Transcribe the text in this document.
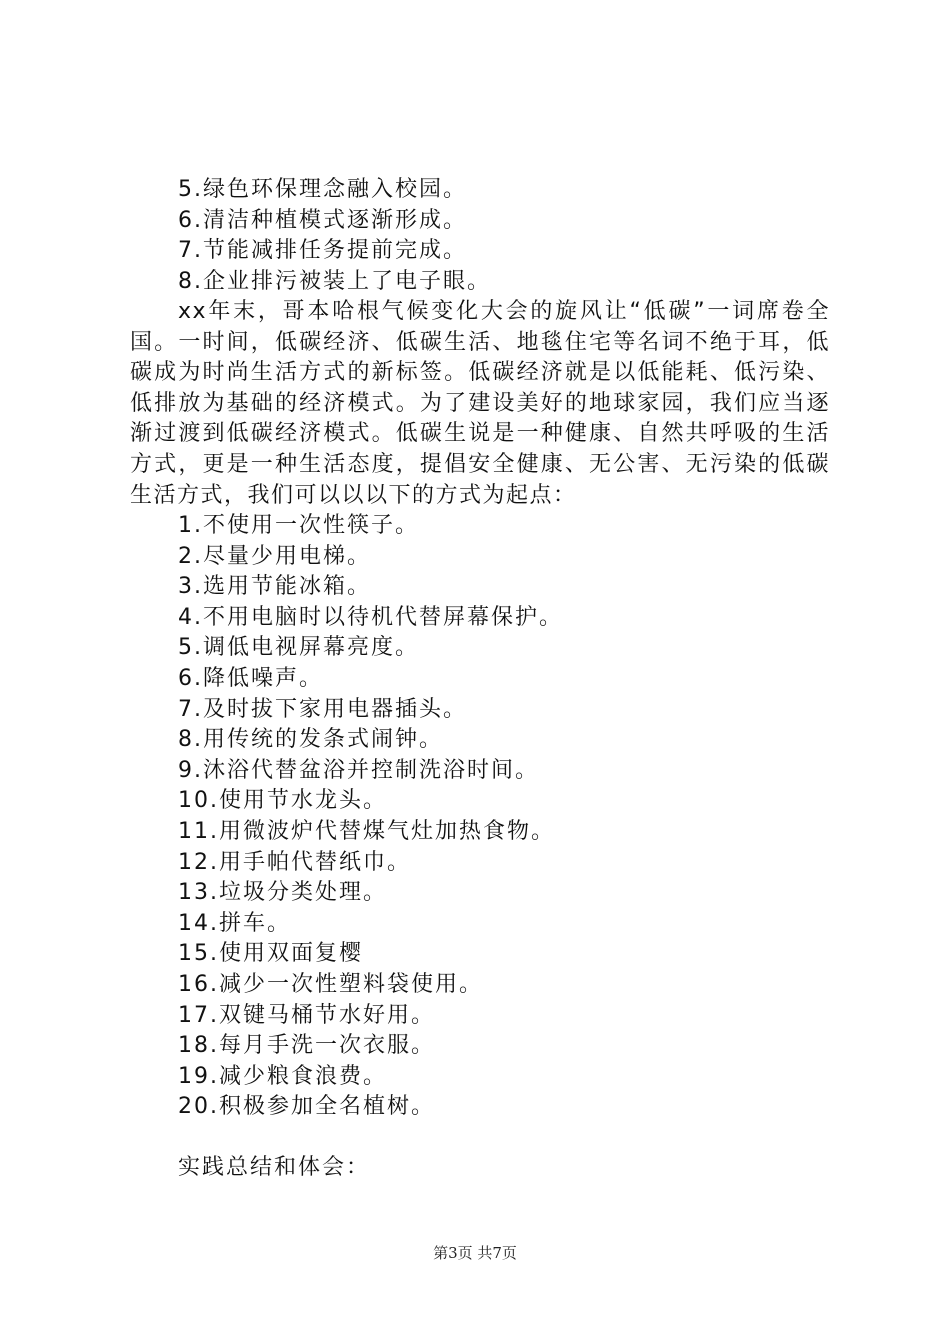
5.绿色环保理念融入校园。
6.清洁种植模式逐渐形成。
7.节能减排任务提前完成。
8.企业排污被装上了电子眼。

xx年末，哥本哈根气候变化大会的旋风让“低碳”一词席卷全国。一时间，低碳经济、低碳生活、地毯住宅等名词不绝于耳，低碳成为时尚生活方式的新标签。低碳经济就是以低能耗、低污染、低排放为基础的经济模式。为了建设美好的地球家园，我们应当逐渐过渡到低碳经济模式。低碳生说是一种健康、自然共呼吸的生活方式，更是一种生活态度，提倡安全健康、无公害、无污染的低碳生活方式，我们可以以以下的方式为起点：

1.不使用一次性筷子。
2.尽量少用电梯。
3.选用节能冰箱。
4.不用电脑时以待机代替屏幕保护。
5.调低电视屏幕亮度。
6.降低噪声。
7.及时拔下家用电器插头。
8.用传统的发条式闹钟。
9.沐浴代替盆浴并控制洗浴时间。
10.使用节水龙头。
11.用微波炉代替煤气灶加热食物。
12.用手帕代替纸巾。
13.垃圾分类处理。
14.拼车。
15.使用双面复樱
16.减少一次性塑料袋使用。
17.双键马桶节水好用。
18.每月手洗一次衣服。
19.减少粮食浪费。
20.积极参加全名植树。
实践总结和体会：
第3页 共7页
